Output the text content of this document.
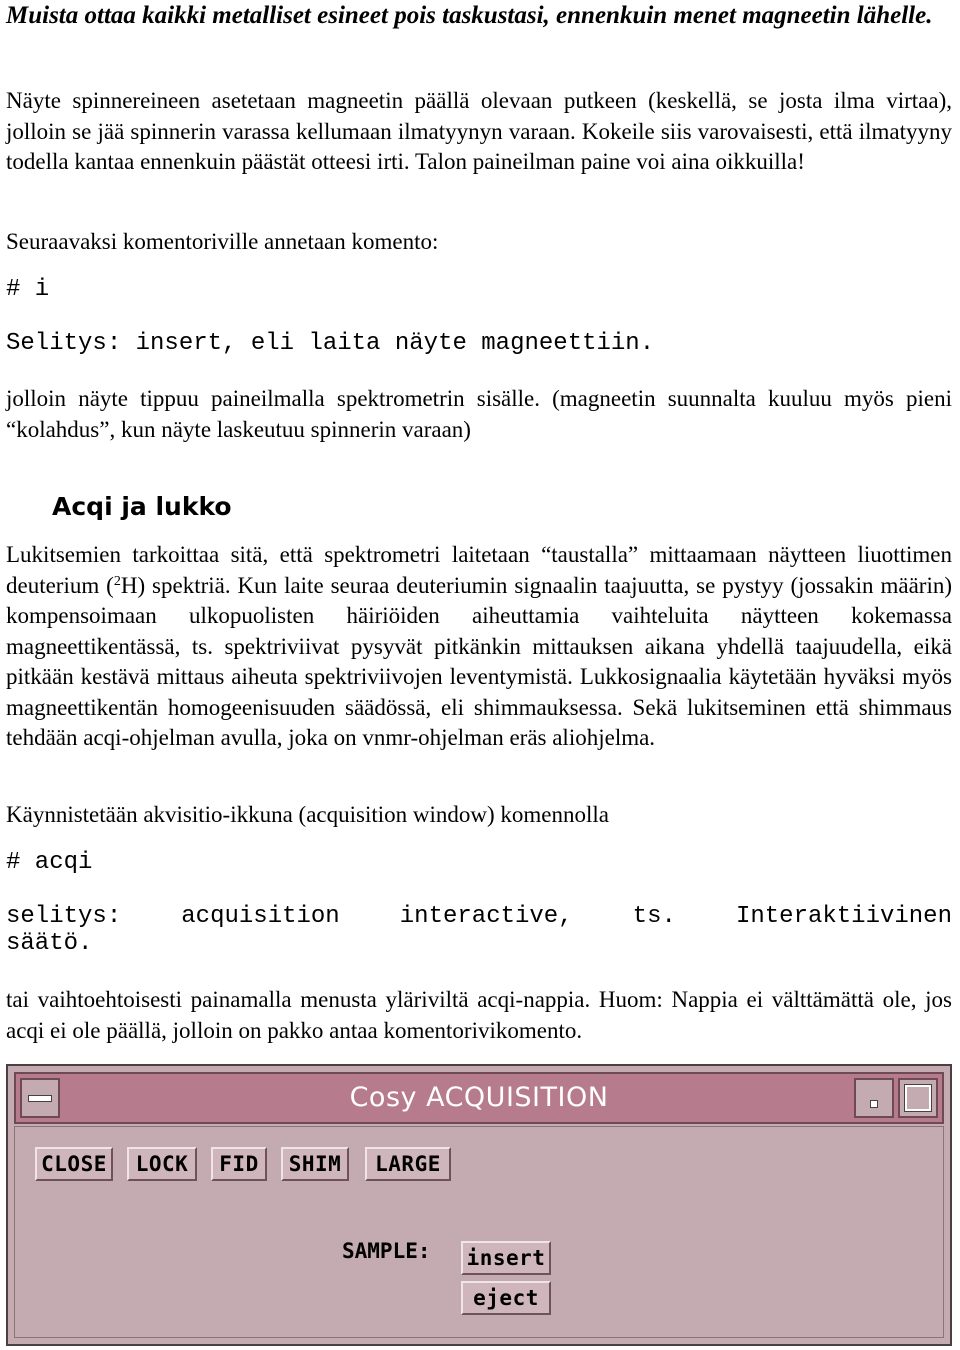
Muista ottaa kaikki metalliset esineet pois taskustasi, ennenkuin menet magneetin lähelle.

Näyte spinnereineen asetetaan magneetin päällä olevaan putkeen (keskellä, se josta ilma virtaa), jolloin se jää spinnerin varassa kellumaan ilmatyynyn varaan. Kokeile siis varovaisesti, että ilmatyyny todella kantaa ennenkuin päästät otteesi irti. Talon paineilman paine voi aina oikkuilla!

Seuraavaksi komentoriville annetaan komento:

# i
Selitys: insert, eli laita näyte magneettiin.

jolloin näyte tippuu paineilmalla spektrometrin sisälle. (magneetin suunnalta kuuluu myös pieni “kolahdus”, kun näyte laskeutuu spinnerin varaan)

Acqi ja lukko

Lukitsemien tarkoittaa sitä, että spektrometri laitetaan “taustalla” mittaamaan näytteen liuottimen deuterium ($^2$H) spektriä. Kun laite seuraa deuteriumin signaalin taajuutta, se pystyy (jossakin määrin) kompensoimaan ulkopuolisten häiriöiden aiheuttamia vaihteluita näytteen kokemassa magneettikentässä, ts. spektriviivat pysyvät pitkänkin mittauksen aikana yhdellä taajuudella, eikä pitkään kestävä mittaus aiheuta spektriviivojen leventymistä. Lukkosignaalia käytetään hyväksi myös magneettikentän homogeenisuuden säädössä, eli shimmauksessa. Sekä lukitseminen että shimmaus tehdään acqi-ohjelman avulla, joka on vnmr-ohjelman eräs aliohjelma.

Käynnistetään akvisitio-ikkuna (acquisition window) komennolla

# acqi
selitys:	acquisition	interactive,	ts.	Interaktiivinen
säätö.

tai vaihtoehtoisesti painamalla menusta yläriviltä acqi-nappia. Huom: Nappia ei välttämättä ole, jos acqi ei ole päällä, jolloin on pakko antaa komentorivikomento.

Cosy ACQUISITION
CLOSE	LOCK	FID	SHIM	LARGE
SAMPLE: insert
eject
